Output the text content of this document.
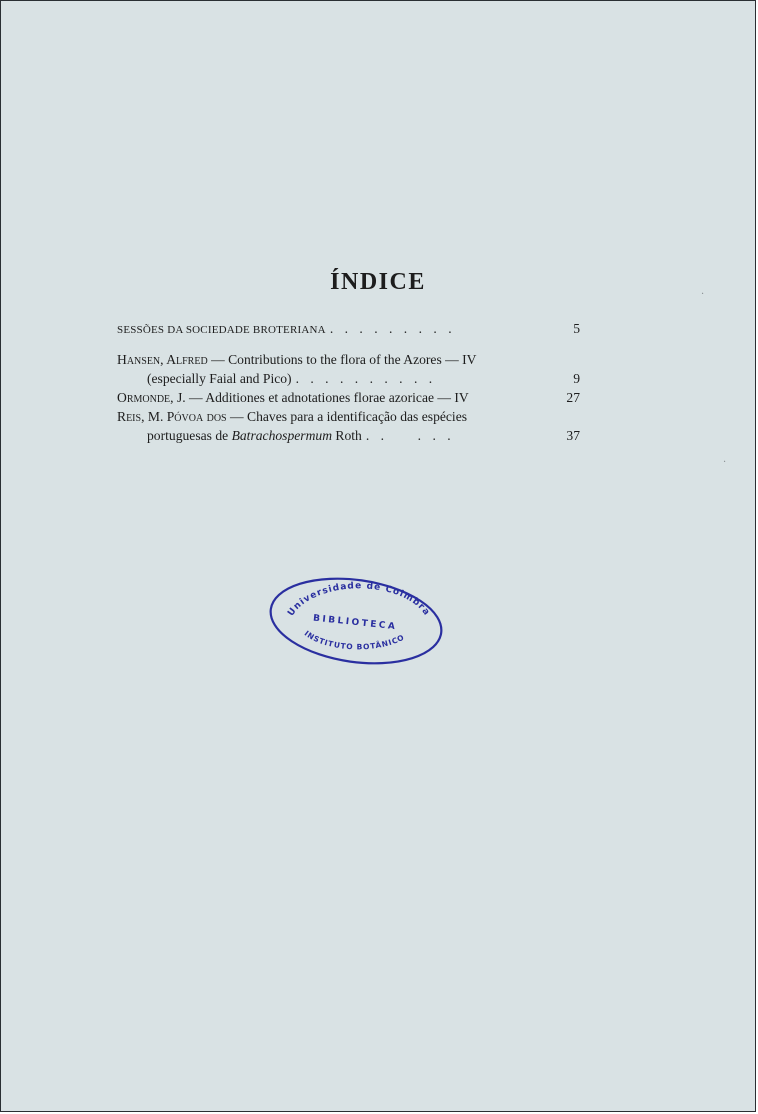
ÍNDICE
SESSÕES DA SOCIEDADE BROTERIANA . . . . . . . . .	5
Hansen, Alfred — Contributions to the flora of the Azores — IV
(especially Faial and Pico) . . . . . . . . . .	9
Ormonde, J. — Additiones et adnotationes florae azoricae — IV	27
Reis, M. Póvoa dos — Chaves para a identificação das espécies
portuguesas de Batrachospermum Roth . .    . . .	37
Universidade de Coimbra
BIBLIOTECA
INSTITUTO BOTÂNICO
·
·
